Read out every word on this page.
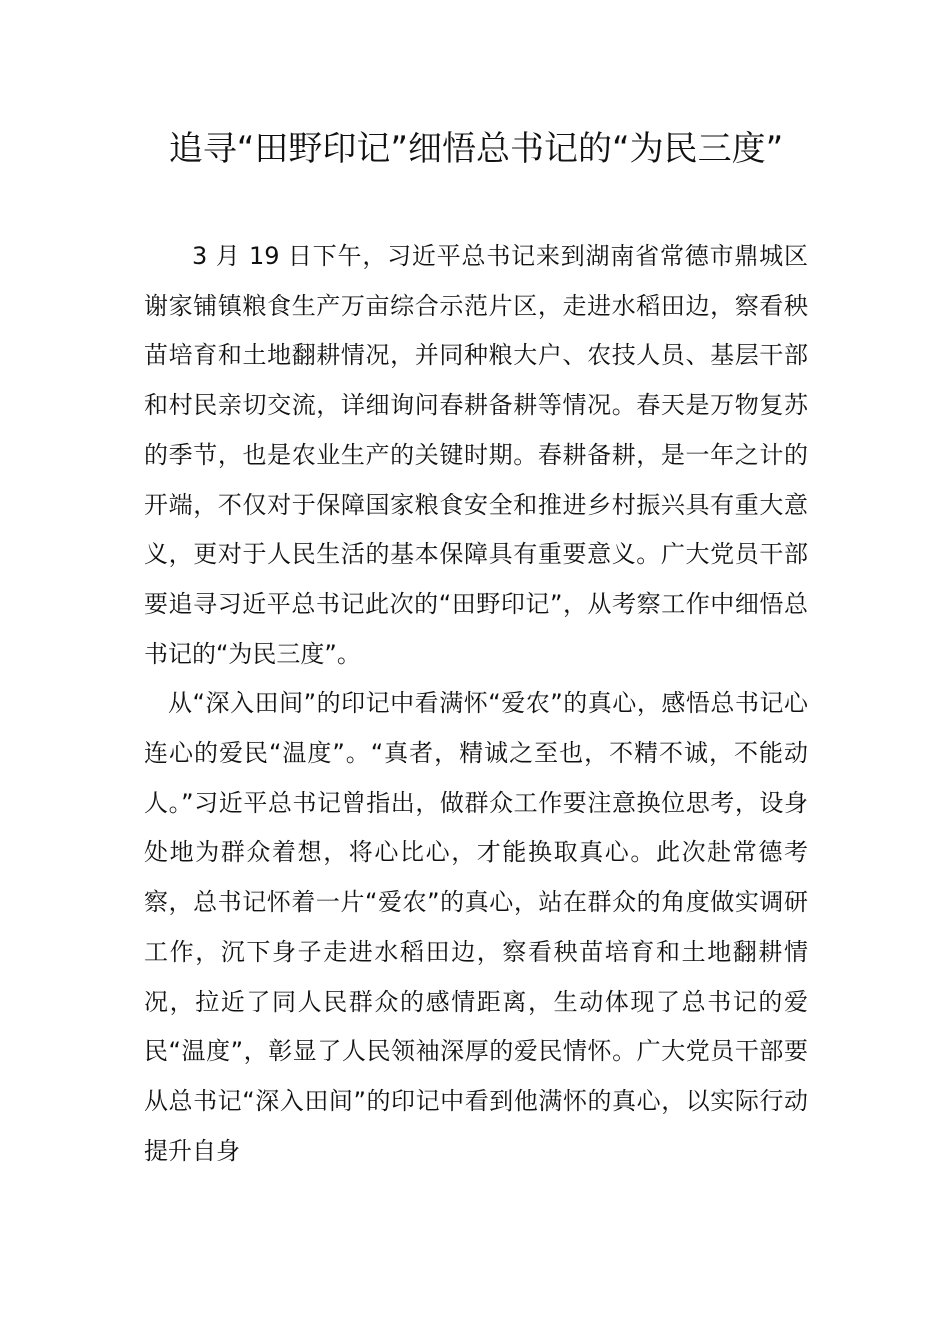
追寻“田野印记”细悟总书记的“为民三度”

3 月 19 日下午，习近平总书记来到湖南省常德市鼎城区谢家铺镇粮食生产万亩综合示范片区，走进水稻田边，察看秧苗培育和土地翻耕情况，并同种粮大户、农技人员、基层干部和村民亲切交流，详细询问春耕备耕等情况。春天是万物复苏的季节，也是农业生产的关键时期。春耕备耕，是一年之计的开端，不仅对于保障国家粮食安全和推进乡村振兴具有重大意义，更对于人民生活的基本保障具有重要意义。广大党员干部要追寻习近平总书记此次的“田野印记”，从考察工作中细悟总书记的“为民三度”。

从“深入田间”的印记中看满怀“爱农”的真心，感悟总书记心连心的爱民“温度”。“真者，精诚之至也，不精不诚，不能动人。”习近平总书记曾指出，做群众工作要注意换位思考，设身处地为群众着想，将心比心，才能换取真心。此次赴常德考察，总书记怀着一片“爱农”的真心，站在群众的角度做实调研工作，沉下身子走进水稻田边，察看秧苗培育和土地翻耕情况，拉近了同人民群众的感情距离，生动体现了总书记的爱民“温度”，彰显了人民领袖深厚的爱民情怀。广大党员干部要从总书记“深入田间”的印记中看到他满怀的真心，以实际行动提升自身
